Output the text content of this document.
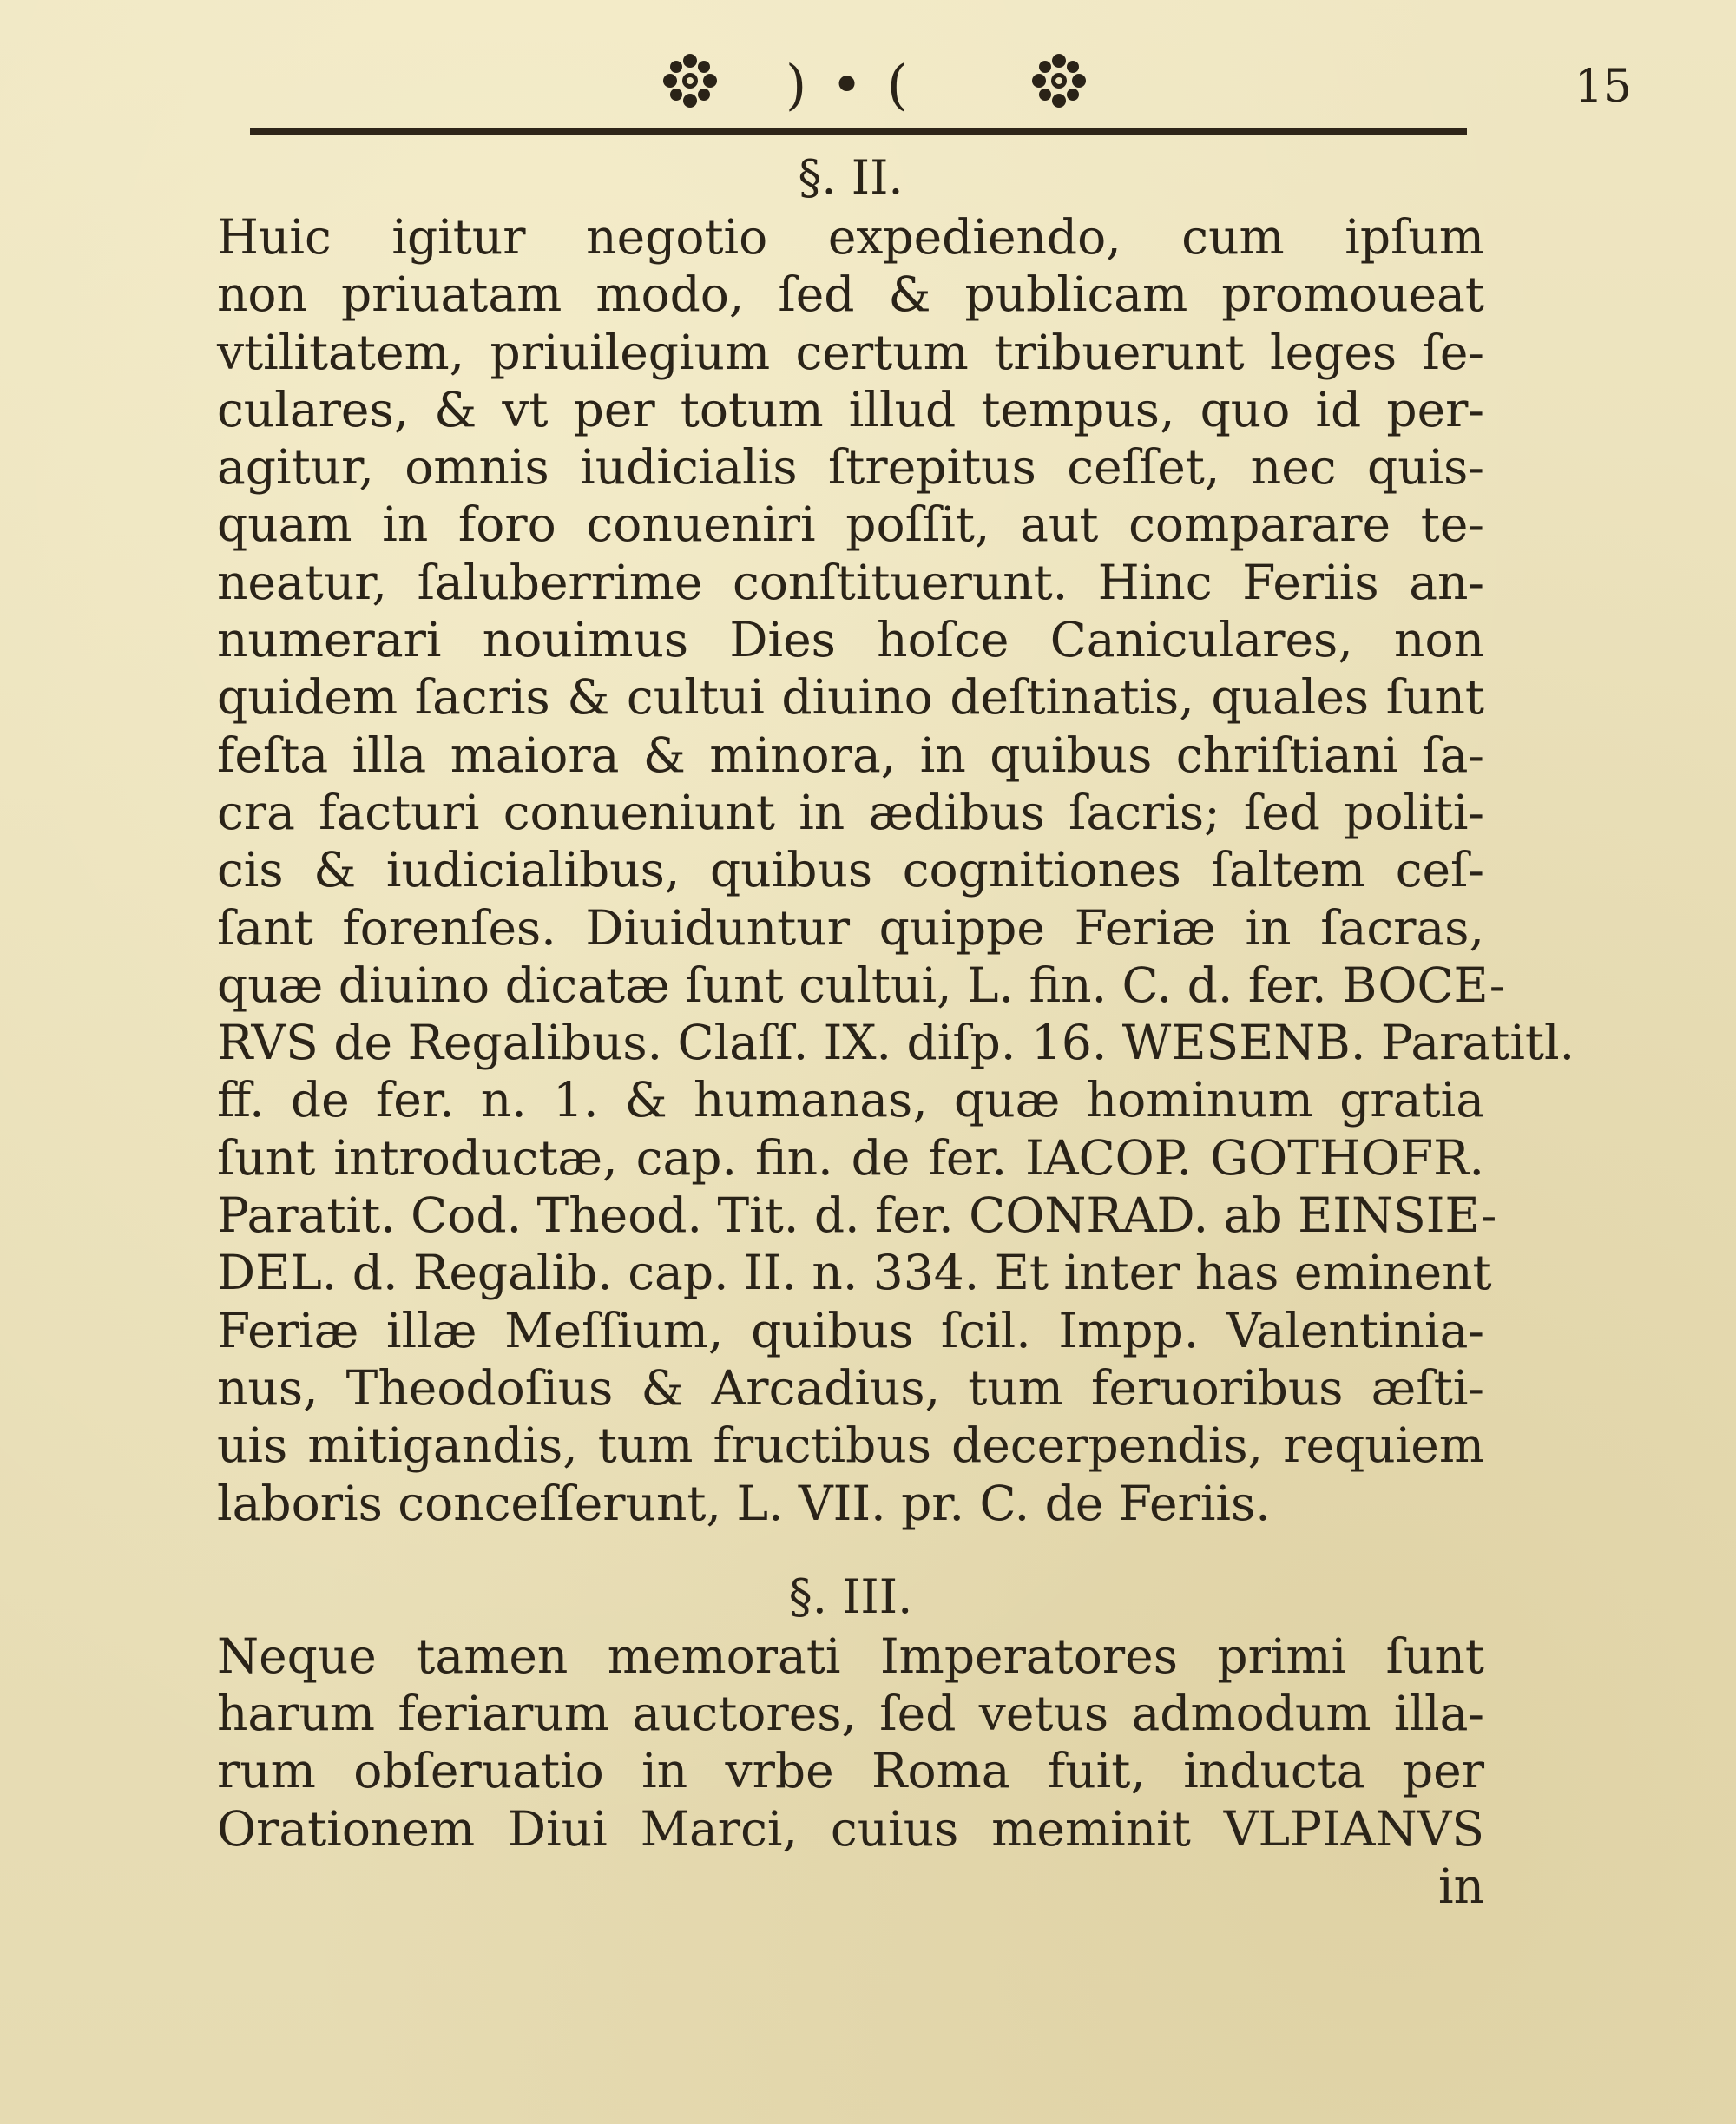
)•(	15
§. II.
Huic igitur negotio expediendo, cum ipſum
non priuatam modo, ſed & publicam promoueat
vtilitatem, priuilegium certum tribuerunt leges ſe-
culares, & vt per totum illud tempus, quo id per-
agitur, omnis iudicialis ſtrepitus ceſſet, nec quis-
quam in foro conueniri poſſit, aut comparare te-
neatur, ſaluberrime conſtituerunt. Hinc Feriis an-
numerari nouimus Dies hoſce Caniculares, non
quidem ſacris & cultui diuino deſtinatis, quales ſunt
feſta illa maiora & minora, in quibus chriſtiani ſa-
cra facturi conueniunt in ædibus ſacris; ſed politi-
cis & iudicialibus, quibus cognitiones ſaltem ceſ-
ſant forenſes. Diuiduntur quippe Feriæ in ſacras,
quæ diuino dicatæ ſunt cultui, L. fin. C. d. fer. BOCE-
RVS de Regalibus. Claſſ. IX. diſp. 16. WESENB. Paratitl.
ff. de fer. n. 1. & humanas, quæ hominum gratia
ſunt introductæ, cap. fin. de fer. IACOP. GOTHOFR.
Paratit. Cod. Theod. Tit. d. fer. CONRAD. ab EINSIE-
DEL. d. Regalib. cap. II. n. 334. Et inter has eminent
Feriæ illæ Meſſium, quibus ſcil. Impp. Valentinia-
nus, Theodoſius & Arcadius, tum feruoribus æſti-
uis mitigandis, tum fructibus decerpendis, requiem
laboris conceſſerunt, L. VII. pr. C. de Feriis.
§. III.
Neque tamen memorati Imperatores primi ſunt
harum feriarum auctores, ſed vetus admodum illa-
rum obſeruatio in vrbe Roma fuit, inducta per
Orationem Diui Marci, cuius meminit VLPIANVS
in
